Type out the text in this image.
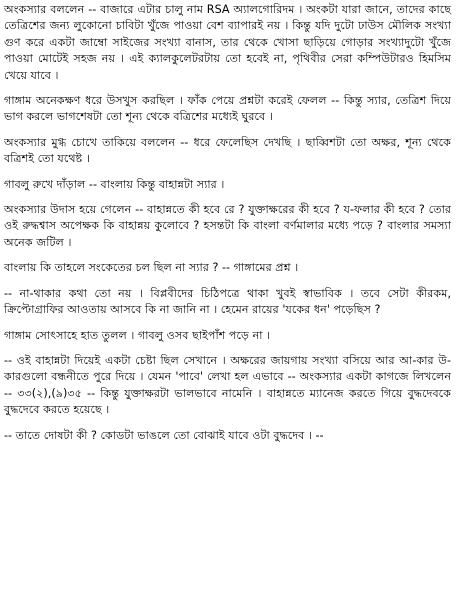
অংকস্যার বললেন -- বাজারে এটার চালু নাম RSA অ্যালগোরিদম । অংকটা যারা জানে, তাদের কাছে তেত্রিশের জন্য লুকোনো চাবিটা খুঁজে পাওয়া বেশ ব্যাপারই নয় । কিন্তু যদি দুটো ঢাউস মৌলিক সংখ্যা গুণ করে একটা জাম্বো সাইজের সংখ্যা বানাস, তার থেকে খোসা ছাড়িয়ে গোড়ার সংখ্যাদুটো খুঁজে পাওয়া মোটেই সহজ নয় । এই ক্যালকুলেটরটায় তো হবেই না, পৃথিবীর সেরা কম্পিউটারও হিমসিম খেয়ে যাবে ।

গাঙ্গাম অনেকক্ষণ ধরে উসখুস করছিল । ফাঁক পেয়ে প্রশ্নটা করেই ফেলল -- কিন্তু স্যার, তেত্রিশ দিয়ে ভাগ করলে ভাগশেষটা তো শূন্য থেকে বত্রিশের মধ্যেই ঘুরবে ।

অংকস্যার মুগ্ধ চোখে তাকিয়ে বললেন -- ধরে ফেলেছিস দেখছি । ছাব্বিশটা তো অক্ষর, শূন্য থেকে বত্রিশই তো যথেষ্ট ।

গাবলু রুখে দাঁড়াল -- বাংলায় কিন্তু বাহান্নটা স্যার ।

অংকস্যার উদাস হয়ে গেলেন -- বাহান্নতে কী হবে রে ? যুক্তাক্ষরের কী হবে ? য-ফলার কী হবে ? তোর ওই রুদ্ধশ্বাস অপেক্ষক কি বাহান্নয় কুলোবে ? হসন্তটা কি বাংলা বর্ণমালার মধ্যে পড়ে ? বাংলার সমস্যা অনেক জটিল ।

বাংলায় কি তাহলে সংকেতের চল ছিল না স্যার ? -- গাঙ্গামের প্রশ্ন ।

-- না-থাকার কথা তো নয় । বিপ্লবীদের চিঠিপত্রে থাকা খুবই স্বাভাবিক । তবে সেটা কীরকম, ক্রিপ্টোগ্রাফির আওতায় আসবে কি না জানি না । হেমেন রায়ের 'যকের ধন' পড়েছিস ?

গাঙ্গাম সোৎসাহে হাত তুলল । গাবলু ওসব ছাইপাঁশ পড়ে না ।

-- ওই বাহান্নটা দিয়েই একটা চেষ্টা ছিল সেখানে । অক্ষরের জায়গায় সংখ্যা বসিয়ে আর আ-কার উ-কারগুলো বন্ধনীতে পুরে দিয়ে । যেমন 'পাবে' লেখা হল এভাবে -- অংকস্যার একটা কাগজে লিখলেন -- ৩৩(২),(৯)৩৫ -- কিন্তু যুক্তাক্ষরটা ভালভাবে নামেনি । বাহান্নতে ম্যানেজ করতে গিয়ে বুদ্ধদেবকে বুদ্ধদেবে করতে হয়েছে ।

-- তাতে দোষটা কী ? কোডটা ভাঙলে তো বোঝাই যাবে ওটা বুদ্ধদেব । --
